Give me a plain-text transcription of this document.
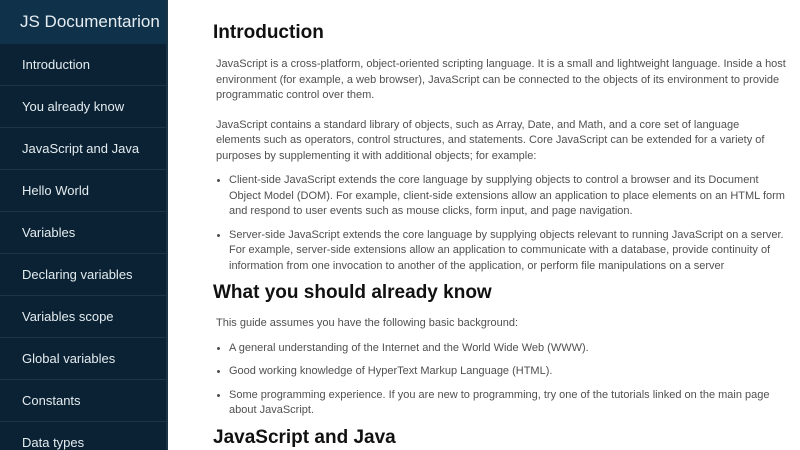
JS Documentarion
Introduction
You already know
JavaScript and Java
Hello World
Variables
Declaring variables
Variables scope
Global variables
Constants
Data types
Introduction

JavaScript is a cross-platform, object-oriented scripting language. It is a small and lightweight language. Inside a host environment (for example, a web browser), JavaScript can be connected to the objects of its environment to provide programmatic control over them.

JavaScript contains a standard library of objects, such as Array, Date, and Math, and a core set of language elements such as operators, control structures, and statements. Core JavaScript can be extended for a variety of purposes by supplementing it with additional objects; for example:

• Client-side JavaScript extends the core language by supplying objects to control a browser and its Document Object Model (DOM). For example, client-side extensions allow an application to place elements on an HTML form and respond to user events such as mouse clicks, form input, and page navigation.
• Server-side JavaScript extends the core language by supplying objects relevant to running JavaScript on a server. For example, server-side extensions allow an application to communicate with a database, provide continuity of information from one invocation to another of the application, or perform file manipulations on a server
What you should already know

This guide assumes you have the following basic background:

• A general understanding of the Internet and the World Wide Web (WWW).
• Good working knowledge of HyperText Markup Language (HTML).
• Some programming experience. If you are new to programming, try one of the tutorials linked on the main page about JavaScript.
JavaScript and Java
